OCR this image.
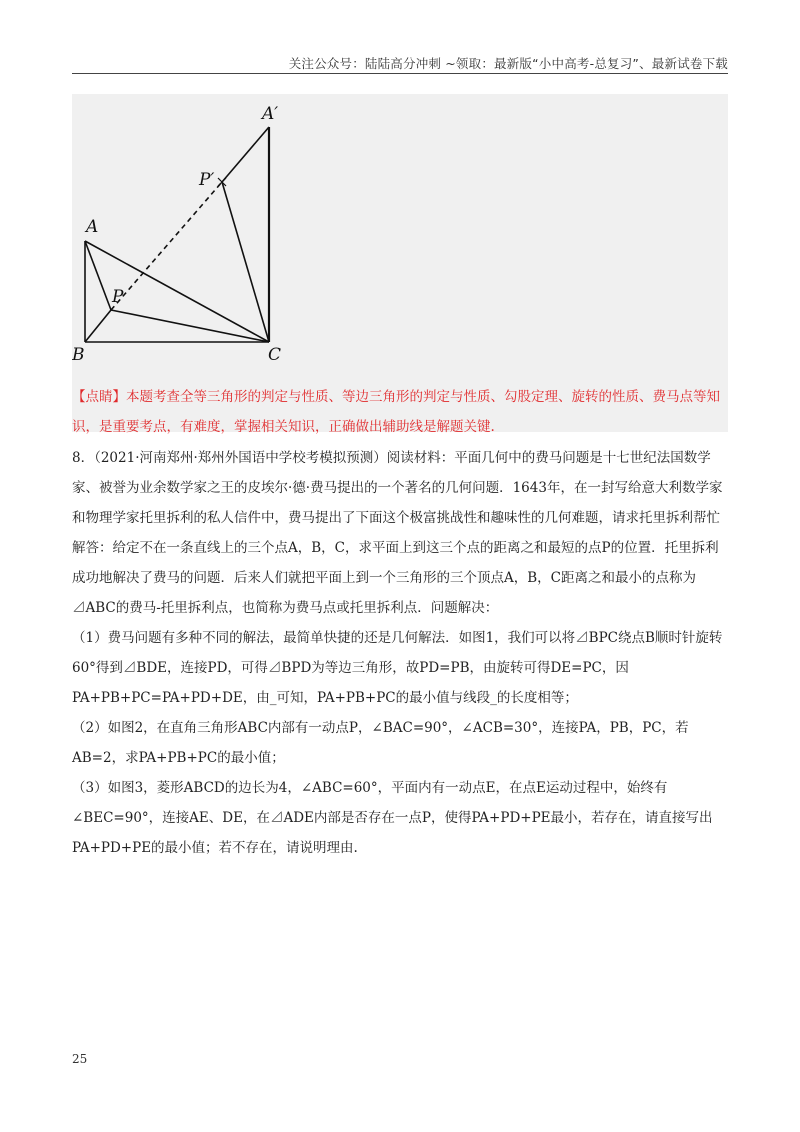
关注公众号：陆陆高分冲刺 ~领取：最新版“小中高考-总复习”、最新试卷下载
A′
P′
A
P
B	C
【点睛】本题考查全等三角形的判定与性质、等边三角形的判定与性质、勾股定理、旋转的性质、费马点等知识，是重要考点，有难度，掌握相关知识，正确做出辅助线是解题关键.

8．（2021·河南郑州·郑州外国语中学校考模拟预测）阅读材料：平面几何中的费马问题是十七世纪法国数学家、被誉为业余数学家之王的皮埃尔·德·费马提出的一个著名的几何问题．1643年，在一封写给意大利数学家和物理学家托里拆利的私人信件中，费马提出了下面这个极富挑战性和趣味性的几何难题，请求托里拆利帮忙解答：给定不在一条直线上的三个点A，B，C，求平面上到这三个点的距离之和最短的点P的位置．托里拆利成功地解决了费马的问题．后来人们就把平面上到一个三角形的三个顶点A，B，C距离之和最小的点称为⊿ABC的费马-托里拆利点，也简称为费马点或托里拆利点．问题解决：

（1）费马问题有多种不同的解法，最简单快捷的还是几何解法．如图1，我们可以将⊿BPC绕点B顺时针旋转60°得到⊿BDE，连接PD，可得⊿BPD为等边三角形，故PD=PB，由旋转可得DE=PC，因PA+PB+PC=PA+PD+DE，由_可知，PA+PB+PC的最小值与线段_的长度相等；

（2）如图2，在直角三角形ABC内部有一动点P，∠BAC=90°，∠ACB=30°，连接PA，PB，PC，若AB=2，求PA+PB+PC的最小值；

（3）如图3，菱形ABCD的边长为4，∠ABC=60°，平面内有一动点E，在点E运动过程中，始终有∠BEC=90°，连接AE、DE，在⊿ADE内部是否存在一点P，使得PA+PD+PE最小，若存在，请直接写出PA+PD+PE的最小值；若不存在，请说明理由.

25
